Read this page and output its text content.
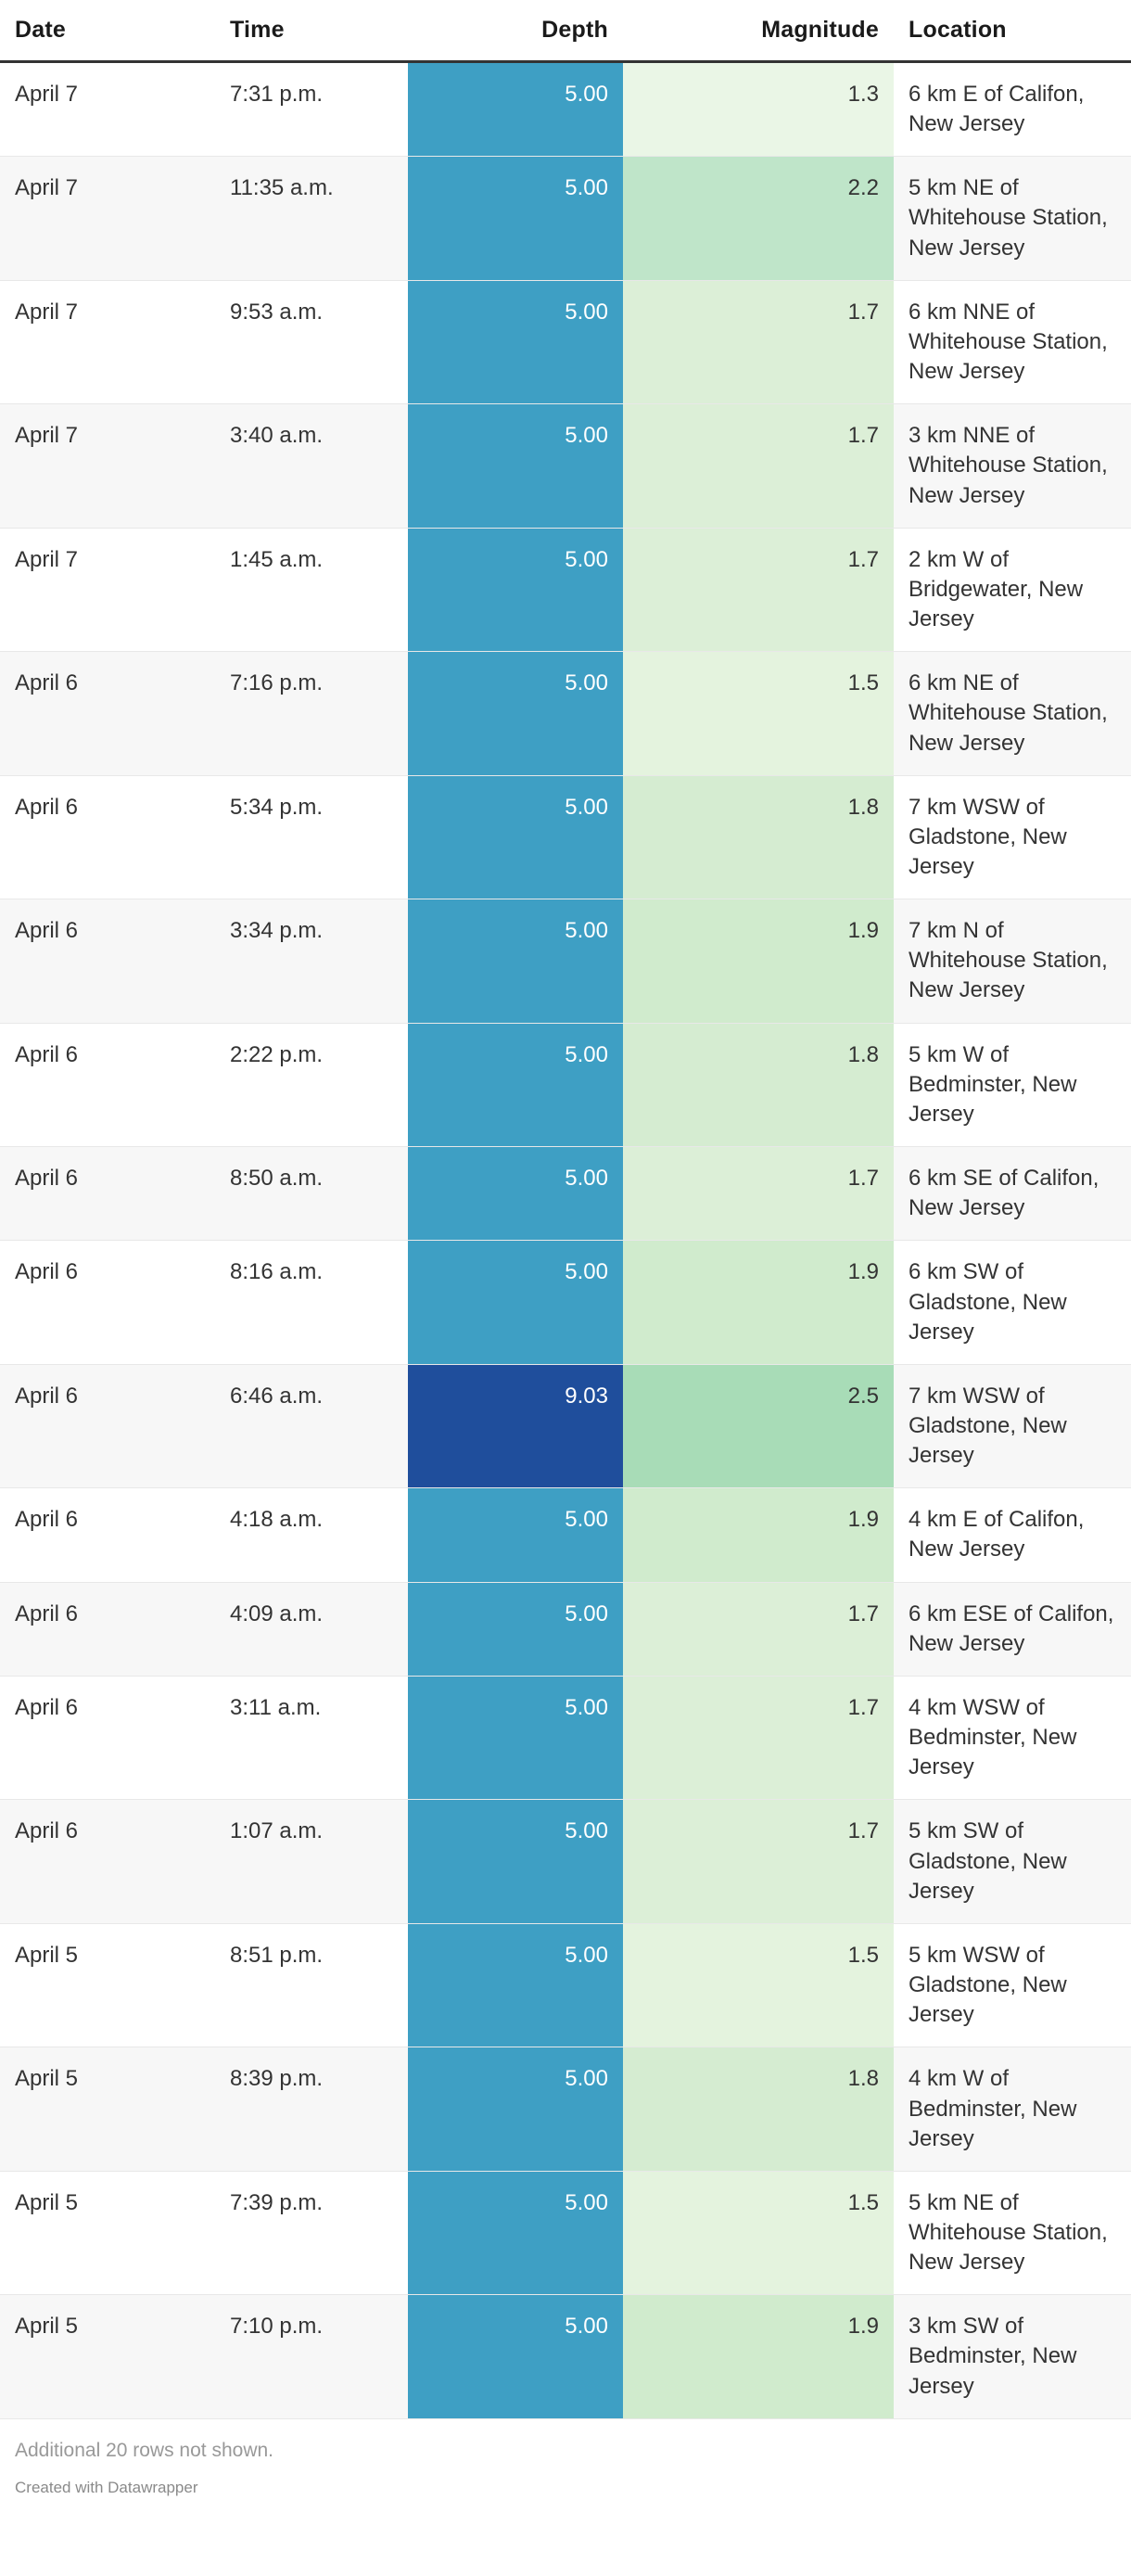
Date	Time	Depth	Magnitude	Location
April 7	7:31 p.m.	5.00	1.3	6 km E of Califon, New Jersey
April 7	11:35 a.m.	5.00	2.2	5 km NE of Whitehouse Station, New Jersey
April 7	9:53 a.m.	5.00	1.7	6 km NNE of Whitehouse Station, New Jersey
April 7	3:40 a.m.	5.00	1.7	3 km NNE of Whitehouse Station, New Jersey
April 7	1:45 a.m.	5.00	1.7	2 km W of Bridgewater, New Jersey
April 6	7:16 p.m.	5.00	1.5	6 km NE of Whitehouse Station, New Jersey
April 6	5:34 p.m.	5.00	1.8	7 km WSW of Gladstone, New Jersey
April 6	3:34 p.m.	5.00	1.9	7 km N of Whitehouse Station, New Jersey
April 6	2:22 p.m.	5.00	1.8	5 km W of Bedminster, New Jersey
April 6	8:50 a.m.	5.00	1.7	6 km SE of Califon, New Jersey
April 6	8:16 a.m.	5.00	1.9	6 km SW of Gladstone, New Jersey
April 6	6:46 a.m.	9.03	2.5	7 km WSW of Gladstone, New Jersey
April 6	4:18 a.m.	5.00	1.9	4 km E of Califon, New Jersey
April 6	4:09 a.m.	5.00	1.7	6 km ESE of Califon, New Jersey
April 6	3:11 a.m.	5.00	1.7	4 km WSW of Bedminster, New Jersey
April 6	1:07 a.m.	5.00	1.7	5 km SW of Gladstone, New Jersey
April 5	8:51 p.m.	5.00	1.5	5 km WSW of Gladstone, New Jersey
April 5	8:39 p.m.	5.00	1.8	4 km W of Bedminster, New Jersey
April 5	7:39 p.m.	5.00	1.5	5 km NE of Whitehouse Station, New Jersey
April 5	7:10 p.m.	5.00	1.9	3 km SW of Bedminster, New Jersey
Additional 20 rows not shown.
Created with Datawrapper
